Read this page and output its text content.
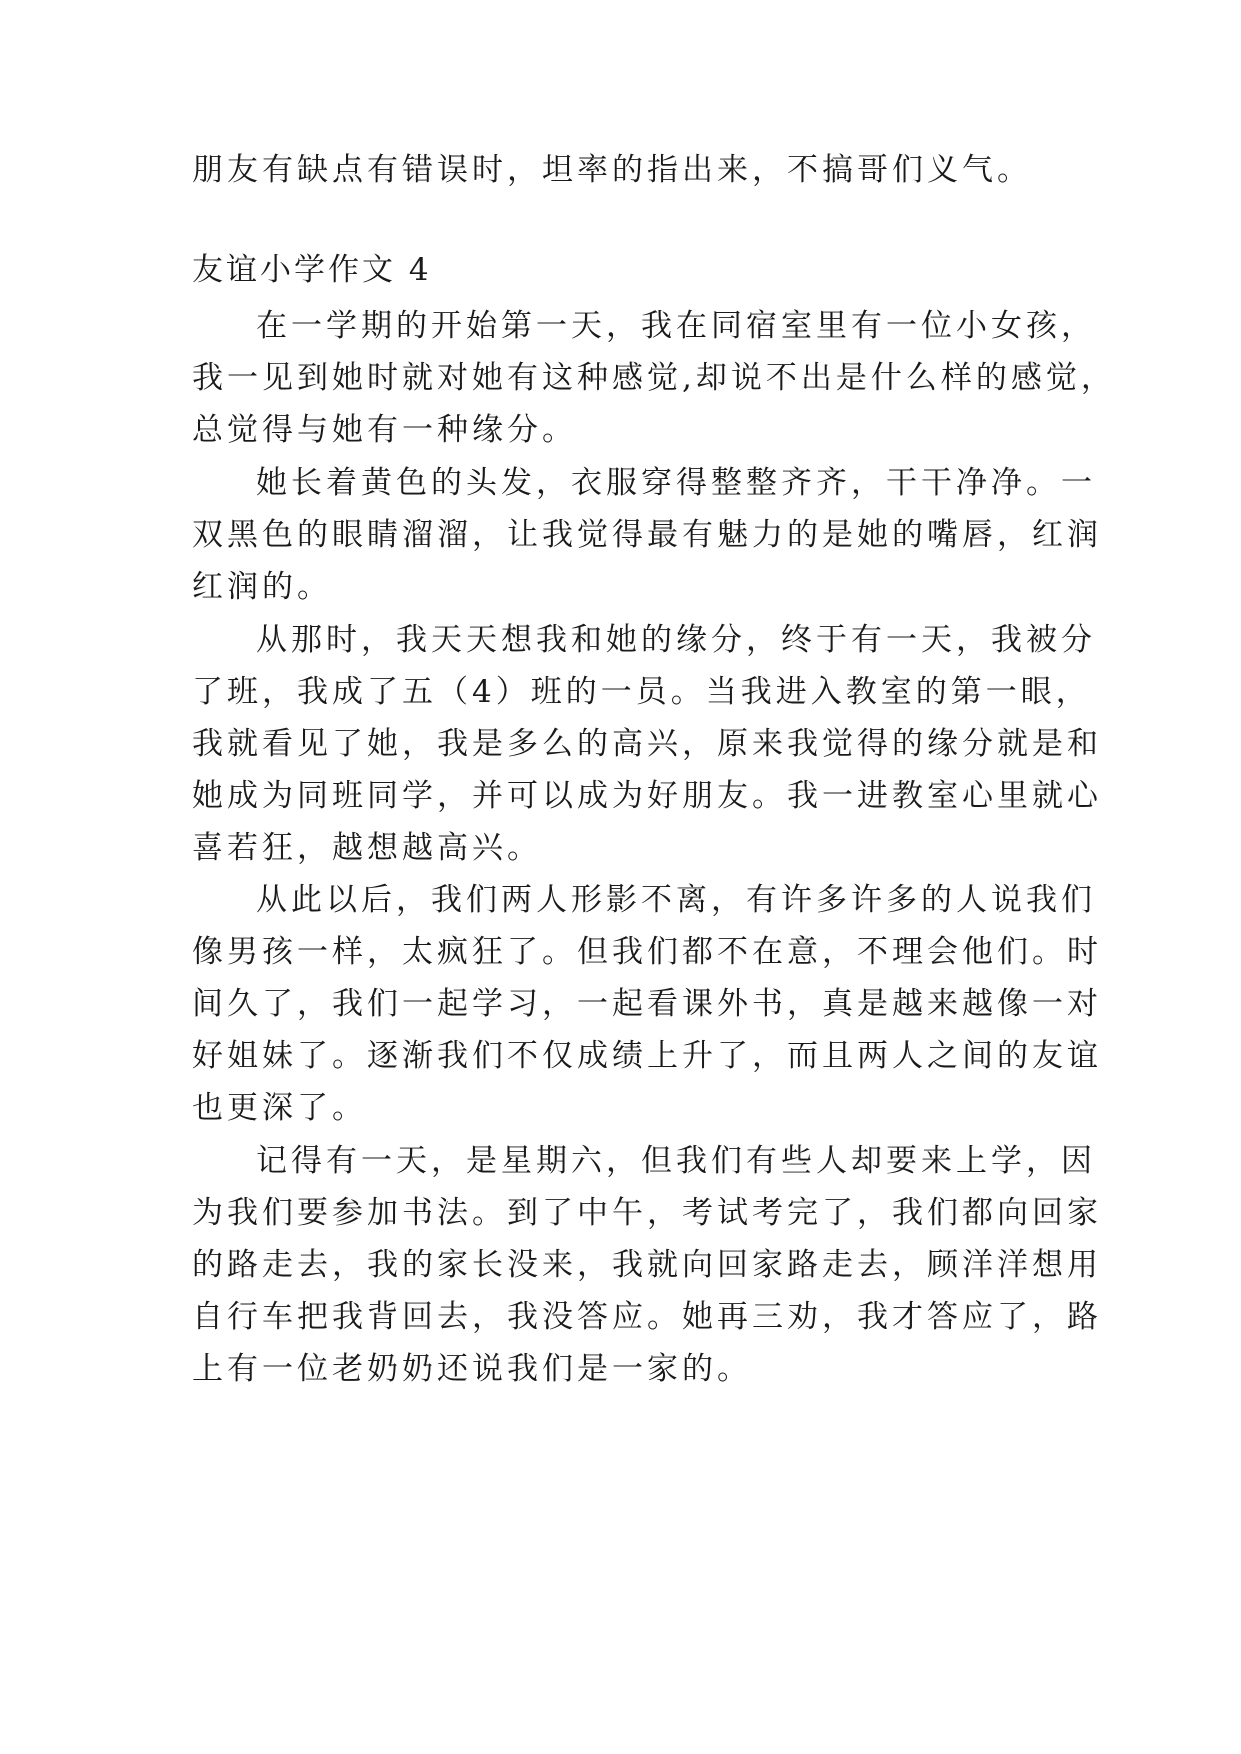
朋友有缺点有错误时，坦率的指出来，不搞哥们义气。
友谊小学作文 4
在一学期的开始第一天，我在同宿室里有一位小女孩，
我一见到她时就对她有这种感觉,却说不出是什么样的感觉，
总觉得与她有一种缘分。
她长着黄色的头发，衣服穿得整整齐齐，干干净净。一
双黑色的眼睛溜溜，让我觉得最有魅力的是她的嘴唇，红润
红润的。
从那时，我天天想我和她的缘分，终于有一天，我被分
了班，我成了五（4）班的一员。当我进入教室的第一眼，
我就看见了她，我是多么的高兴，原来我觉得的缘分就是和
她成为同班同学，并可以成为好朋友。我一进教室心里就心
喜若狂，越想越高兴。
从此以后，我们两人形影不离，有许多许多的人说我们
像男孩一样，太疯狂了。但我们都不在意，不理会他们。时
间久了，我们一起学习，一起看课外书，真是越来越像一对
好姐妹了。逐渐我们不仅成绩上升了，而且两人之间的友谊
也更深了。
记得有一天，是星期六，但我们有些人却要来上学，因
为我们要参加书法。到了中午，考试考完了，我们都向回家
的路走去，我的家长没来，我就向回家路走去，顾洋洋想用
自行车把我背回去，我没答应。她再三劝，我才答应了，路
上有一位老奶奶还说我们是一家的。
